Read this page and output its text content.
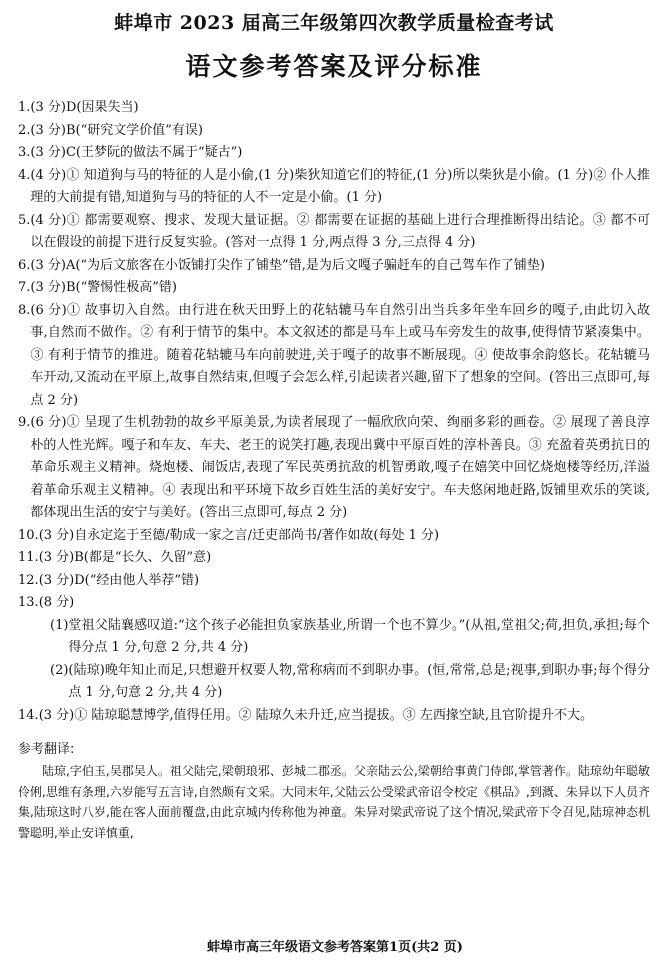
蚌埠市 2023 届高三年级第四次教学质量检查考试
语文参考答案及评分标准
1. (3 分)D(因果失当)
2. (3 分)B(“研究文学价值”有误)
3. (3 分)C(王梦阮的做法不属于“疑古”)
4. (4 分)① 知道狗与马的特征的人是小偷,(1 分)柴狄知道它们的特征,(1 分)所以柴狄是小偷。(1 分)② 仆人推理的大前提有错,知道狗与马的特征的人不一定是小偷。(1 分)
5. (4 分)① 都需要观察、搜求、发现大量证据。② 都需要在证据的基础上进行合理推断得出结论。③ 都不可以在假设的前提下进行反复实验。(答对一点得 1 分,两点得 3 分,三点得 4 分)
6. (3 分)A(“为后文旅客在小饭铺打尖作了铺垫”错,是为后文嘎子骗赶车的自己驾车作了铺垫)
7. (3 分)B(“警惕性极高”错)
8. (6 分)① 故事切入自然。由行进在秋天田野上的花轱辘马车自然引出当兵多年坐车回乡的嘎子,由此切入故事,自然而不做作。② 有利于情节的集中。本文叙述的都是马车上或马车旁发生的故事,使得情节紧凑集中。③ 有利于情节的推进。随着花轱辘马车向前驶进,关于嘎子的故事不断展现。④ 使故事余韵悠长。花轱辘马车开动,又流动在平原上,故事自然结束,但嘎子会怎么样,引起读者兴趣,留下了想象的空间。(答出三点即可,每点 2 分)
9. (6 分)① 呈现了生机勃勃的故乡平原美景,为读者展现了一幅欣欣向荣、绚丽多彩的画卷。② 展现了善良淳朴的人性光辉。嘎子和车友、车夫、老王的说笑打趣,表现出冀中平原百姓的淳朴善良。③ 充盈着英勇抗日的革命乐观主义精神。烧炮楼、闹饭店,表现了军民英勇抗敌的机智勇敢,嘎子在嬉笑中回忆烧炮楼等经历,洋溢着革命乐观主义精神。④ 表现出和平环境下故乡百姓生活的美好安宁。车夫悠闲地赶路,饭铺里欢乐的笑谈,都体现出生活的安宁与美好。(答出三点即可,每点 2 分)
10. (3 分)自永定迄于至德/勒成一家之言/迁吏部尚书/著作如故(每处 1 分)
11. (3 分)B(都是“长久、久留”意)
12. (3 分)D(“经由他人举荐”错)
13. (8 分)
(1) 堂祖父陆襄感叹道:“这个孩子必能担负家族基业,所谓一个也不算少。”(从祖,堂祖父;荷,担负,承担;每个得分点 1 分,句意 2 分,共 4 分)
(2) (陆琼)晚年知止而足,只想避开权要人物,常称病而不到职办事。(恒,常常,总是;视事,到职办事;每个得分点 1 分,句意 2 分,共 4 分)
14. (3 分)① 陆琼聪慧博学,值得任用。② 陆琼久未升迁,应当提拔。③ 左西掾空缺,且官阶提升不大。
参考翻译:

陆琼,字伯玉,吴郡吴人。祖父陆完,梁朝琅邪、彭城二郡丞。父亲陆云公,梁朝给事黄门侍郎,掌管著作。陆琼幼年聪敏伶俐,思维有条理,六岁能写五言诗,自然颇有文采。大同末年,父陆云公受梁武帝诏令校定《棋品》,到溉、朱异以下人员齐集,陆琼这时八岁,能在客人面前覆盘,由此京城内传称他为神童。朱异对梁武帝说了这个情况,梁武帝下令召见,陆琼神态机警聪明,举止安详慎重,

蚌埠市高三年级语文参考答案第1页(共2 页)
